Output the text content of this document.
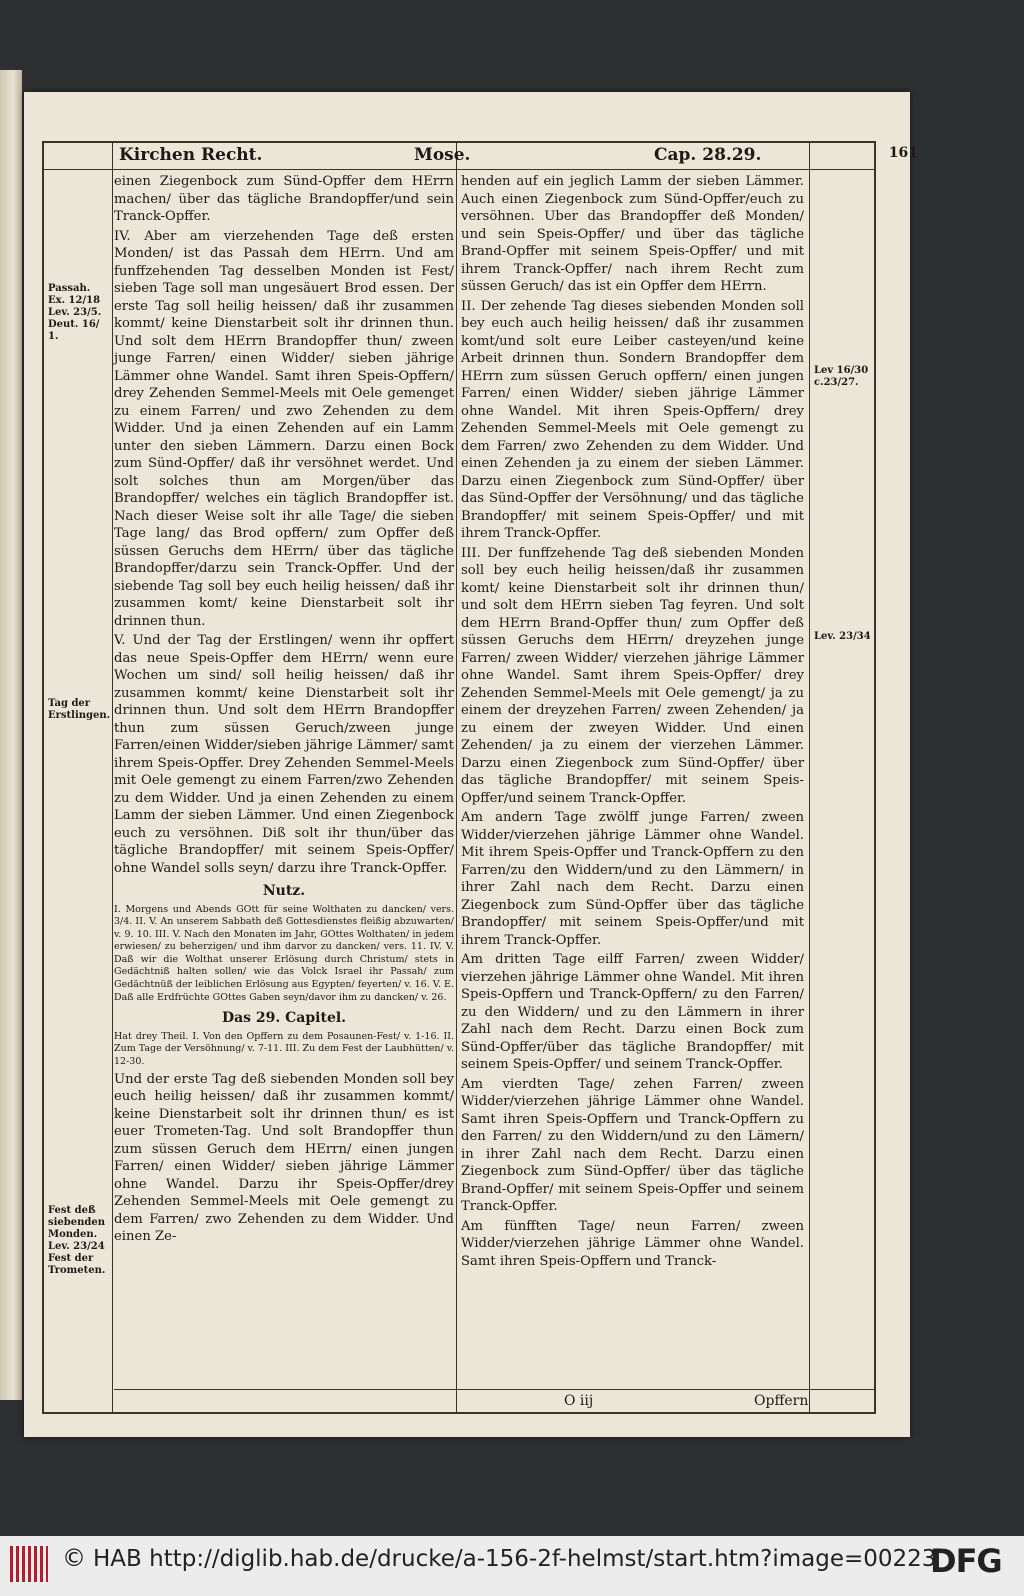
Kirchen Recht.	Mose.	Cap. 28.29.	161
Passah. Ex. 12/18 Lev. 23/5. Deut. 16/ 1.
Tag der Erstlingen.
Fest deß siebenden Monden. Lev. 23/24 Fest der Trometen.
Lev 16/30 c.23/27.
Lev. 23/34

einen Ziegenbock zum Sünd-Opffer dem HErrn machen/ über das tägliche Brandopffer/und sein Tranck-Opffer.

IV. Aber am vierzehenden Tage deß ersten Monden/ ist das Passah dem HErrn. Und am funffzehenden Tag desselben Monden ist Fest/ sieben Tage soll man ungesäuert Brod essen. Der erste Tag soll heilig heissen/ daß ihr zusammen kommt/ keine Dienstarbeit solt ihr drinnen thun. Und solt dem HErrn Brandopffer thun/ zween junge Farren/ einen Widder/ sieben jährige Lämmer ohne Wandel. Samt ihren Speis-Opffern/ drey Zehenden Semmel-Meels mit Oele gemenget zu einem Farren/ und zwo Zehenden zu dem Widder. Und ja einen Zehenden auf ein Lamm unter den sieben Lämmern. Darzu einen Bock zum Sünd-Opffer/ daß ihr versöhnet werdet. Und solt solches thun am Morgen/über das Brandopffer/ welches ein täglich Brandopffer ist. Nach dieser Weise solt ihr alle Tage/ die sieben Tage lang/ das Brod opffern/ zum Opffer deß süssen Geruchs dem HErrn/ über das tägliche Brandopffer/darzu sein Tranck-Opffer. Und der siebende Tag soll bey euch heilig heissen/ daß ihr zusammen komt/ keine Dienstarbeit solt ihr drinnen thun.

V. Und der Tag der Erstlingen/ wenn ihr opffert das neue Speis-Opffer dem HErrn/ wenn eure Wochen um sind/ soll heilig heissen/ daß ihr zusammen kommt/ keine Dienstarbeit solt ihr drinnen thun. Und solt dem HErrn Brandopffer thun zum süssen Geruch/zween junge Farren/einen Widder/sieben jährige Lämmer/ samt ihrem Speis-Opffer. Drey Zehenden Semmel-Meels mit Oele gemengt zu einem Farren/zwo Zehenden zu dem Widder. Und ja einen Zehenden zu einem Lamm der sieben Lämmer. Und einen Ziegenbock euch zu versöhnen. Diß solt ihr thun/über das tägliche Brandopffer/ mit seinem Speis-Opffer/ ohne Wandel solls seyn/ darzu ihre Tranck-Opffer.

Nutz.

I. Morgens und Abends GOtt für seine Wolthaten zu dancken/ vers. 3/4. II. V. An unserem Sabbath deß Gottesdienstes fleißig abzuwarten/ v. 9. 10. III. V. Nach den Monaten im Jahr, GOttes Wolthaten/ in jedem erwiesen/ zu beherzigen/ und ihm darvor zu dancken/ vers. 11. IV. V. Daß wir die Wolthat unserer Erlösung durch Christum/ stets in Gedächtniß halten sollen/ wie das Volck Israel ihr Passah/ zum Gedächtnüß der leiblichen Erlösung aus Egypten/ feyerten/ v. 16. V. E. Daß alle Erdfrüchte GOttes Gaben seyn/davor ihm zu dancken/ v. 26.

Das 29. Capitel.

Hat drey Theil. I. Von den Opffern zu dem Posaunen-Fest/ v. 1-16. II. Zum Tage der Versöhnung/ v. 7-11. III. Zu dem Fest der Laubhütten/ v. 12-30.

Und der erste Tag deß siebenden Monden soll bey euch heilig heissen/ daß ihr zusammen kommt/ keine Dienstarbeit solt ihr drinnen thun/ es ist euer Trometen-Tag. Und solt Brandopffer thun zum süssen Geruch dem HErrn/ einen jungen Farren/ einen Widder/ sieben jährige Lämmer ohne Wandel. Darzu ihr Speis-Opffer/drey Zehenden Semmel-Meels mit Oele gemengt zu dem Farren/ zwo Zehenden zu dem Widder. Und einen Ze-

henden auf ein jeglich Lamm der sieben Lämmer. Auch einen Ziegenbock zum Sünd-Opffer/euch zu versöhnen. Uber das Brandopffer deß Monden/ und sein Speis-Opffer/ und über das tägliche Brand-Opffer mit seinem Speis-Opffer/ und mit ihrem Tranck-Opffer/ nach ihrem Recht zum süssen Geruch/ das ist ein Opffer dem HErrn.

II. Der zehende Tag dieses siebenden Monden soll bey euch auch heilig heissen/ daß ihr zusammen komt/und solt eure Leiber casteyen/und keine Arbeit drinnen thun. Sondern Brandopffer dem HErrn zum süssen Geruch opffern/ einen jungen Farren/ einen Widder/ sieben jährige Lämmer ohne Wandel. Mit ihren Speis-Opffern/ drey Zehenden Semmel-Meels mit Oele gemengt zu dem Farren/ zwo Zehenden zu dem Widder. Und einen Zehenden ja zu einem der sieben Lämmer. Darzu einen Ziegenbock zum Sünd-Opffer/ über das Sünd-Opffer der Versöhnung/ und das tägliche Brandopffer/ mit seinem Speis-Opffer/ und mit ihrem Tranck-Opffer.

III. Der funffzehende Tag deß siebenden Monden soll bey euch heilig heissen/daß ihr zusammen komt/ keine Dienstarbeit solt ihr drinnen thun/ und solt dem HErrn sieben Tag feyren. Und solt dem HErrn Brand-Opffer thun/ zum Opffer deß süssen Geruchs dem HErrn/ dreyzehen junge Farren/ zween Widder/ vierzehen jährige Lämmer ohne Wandel. Samt ihrem Speis-Opffer/ drey Zehenden Semmel-Meels mit Oele gemengt/ ja zu einem der dreyzehen Farren/ zween Zehenden/ ja zu einem der zweyen Widder. Und einen Zehenden/ ja zu einem der vierzehen Lämmer. Darzu einen Ziegenbock zum Sünd-Opffer/ über das tägliche Brandopffer/ mit seinem Speis-Opffer/und seinem Tranck-Opffer.

Am andern Tage zwölff junge Farren/ zween Widder/vierzehen jährige Lämmer ohne Wandel. Mit ihrem Speis-Opffer und Tranck-Opffern zu den Farren/zu den Widdern/und zu den Lämmern/ in ihrer Zahl nach dem Recht. Darzu einen Ziegenbock zum Sünd-Opffer über das tägliche Brandopffer/ mit seinem Speis-Opffer/und mit ihrem Tranck-Opffer.

Am dritten Tage eilff Farren/ zween Widder/ vierzehen jährige Lämmer ohne Wandel. Mit ihren Speis-Opffern und Tranck-Opffern/ zu den Farren/ zu den Widdern/ und zu den Lämmern in ihrer Zahl nach dem Recht. Darzu einen Bock zum Sünd-Opffer/über das tägliche Brandopffer/ mit seinem Speis-Opffer/ und seinem Tranck-Opffer.

Am vierdten Tage/ zehen Farren/ zween Widder/vierzehen jährige Lämmer ohne Wandel. Samt ihren Speis-Opffern und Tranck-Opffern zu den Farren/ zu den Widdern/und zu den Lämern/ in ihrer Zahl nach dem Recht. Darzu einen Ziegenbock zum Sünd-Opffer/ über das tägliche Brand-Opffer/ mit seinem Speis-Opffer und seinem Tranck-Opffer.

Am fünfften Tage/ neun Farren/ zween Widder/vierzehen jährige Lämmer ohne Wandel. Samt ihren Speis-Opffern und Tranck-

O iij	Opffern
© HAB http://diglib.hab.de/drucke/a-156-2f-helmst/start.htm?image=00223
DFG
